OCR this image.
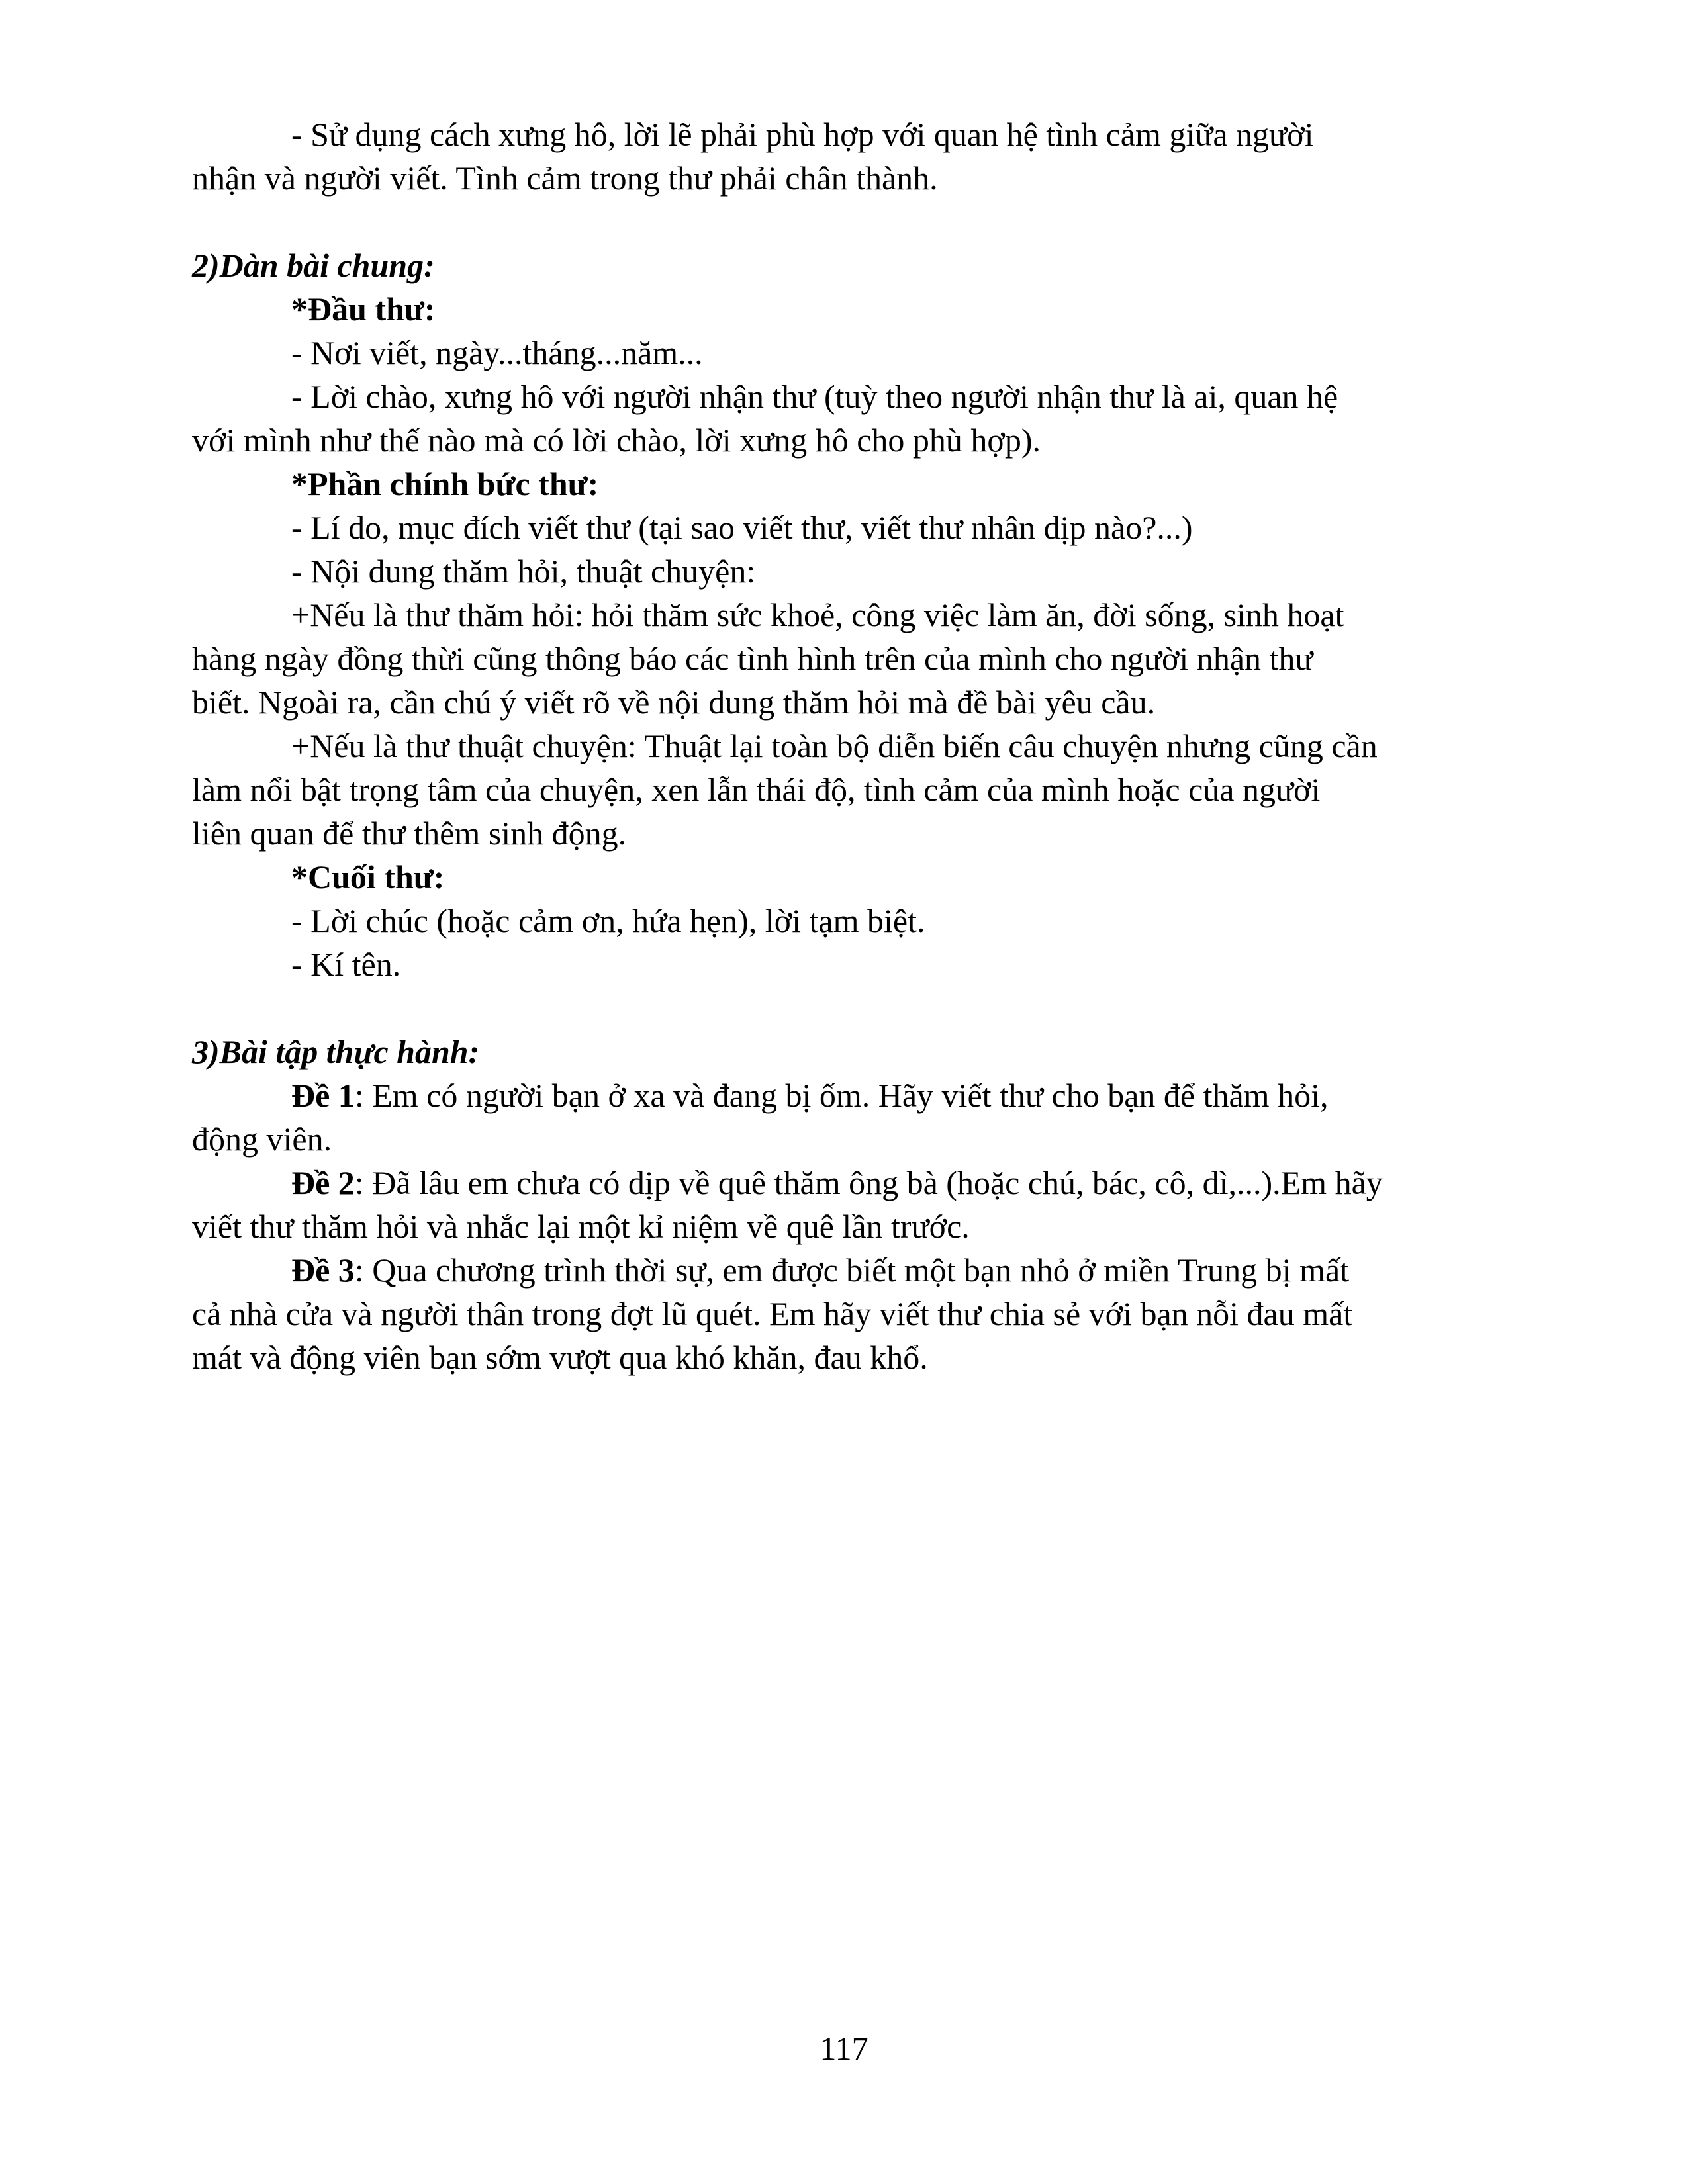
- Sử dụng cách xưng hô, lời lẽ phải phù hợp với quan hệ tình cảm giữa người

nhận và người viết. Tình cảm trong thư phải chân thành.

2)Dàn bài chung:

*Đầu thư:

- Nơi viết, ngày...tháng...năm...

- Lời chào, xưng hô với người nhận thư (tuỳ theo người nhận thư là ai, quan hệ

với mình như thế nào mà có lời chào, lời xưng hô cho phù hợp).

*Phần chính bức thư:

- Lí do, mục đích viết thư (tại sao viết thư, viết thư nhân dịp nào?...)

- Nội dung thăm hỏi, thuật chuyện:

+Nếu là thư thăm hỏi: hỏi thăm sức khoẻ, công việc làm ăn, đời sống, sinh hoạt

hàng ngày đồng thừi cũng thông báo các tình hình trên của mình cho người nhận thư

biết. Ngoài ra, cần chú ý viết rõ về nội dung thăm hỏi mà đề bài yêu cầu.

+Nếu là thư thuật chuyện: Thuật lại toàn bộ diễn biến câu chuyện nhưng cũng cần

làm nổi bật trọng tâm của chuyện, xen lẫn thái độ, tình cảm của mình hoặc của người

liên quan để thư thêm sinh động.

*Cuối thư:

- Lời chúc (hoặc cảm ơn, hứa hẹn), lời tạm biệt.

- Kí tên.

3)Bài tập thực hành:

Đề 1: Em có người bạn ở xa và đang bị ốm. Hãy viết thư cho bạn để thăm hỏi,

động viên.

Đề 2: Đã lâu em chưa có dịp về quê thăm ông bà (hoặc chú, bác, cô, dì,...).Em hãy

viết thư thăm hỏi và nhắc lại một kỉ niệm về quê lần trước.

Đề 3: Qua chương trình thời sự, em được biết một bạn nhỏ ở miền Trung bị mất

cả nhà cửa và người thân trong đợt lũ quét. Em hãy viết thư chia sẻ với bạn nỗi đau mất

mát và động viên bạn sớm vượt qua khó khăn, đau khổ.

117
